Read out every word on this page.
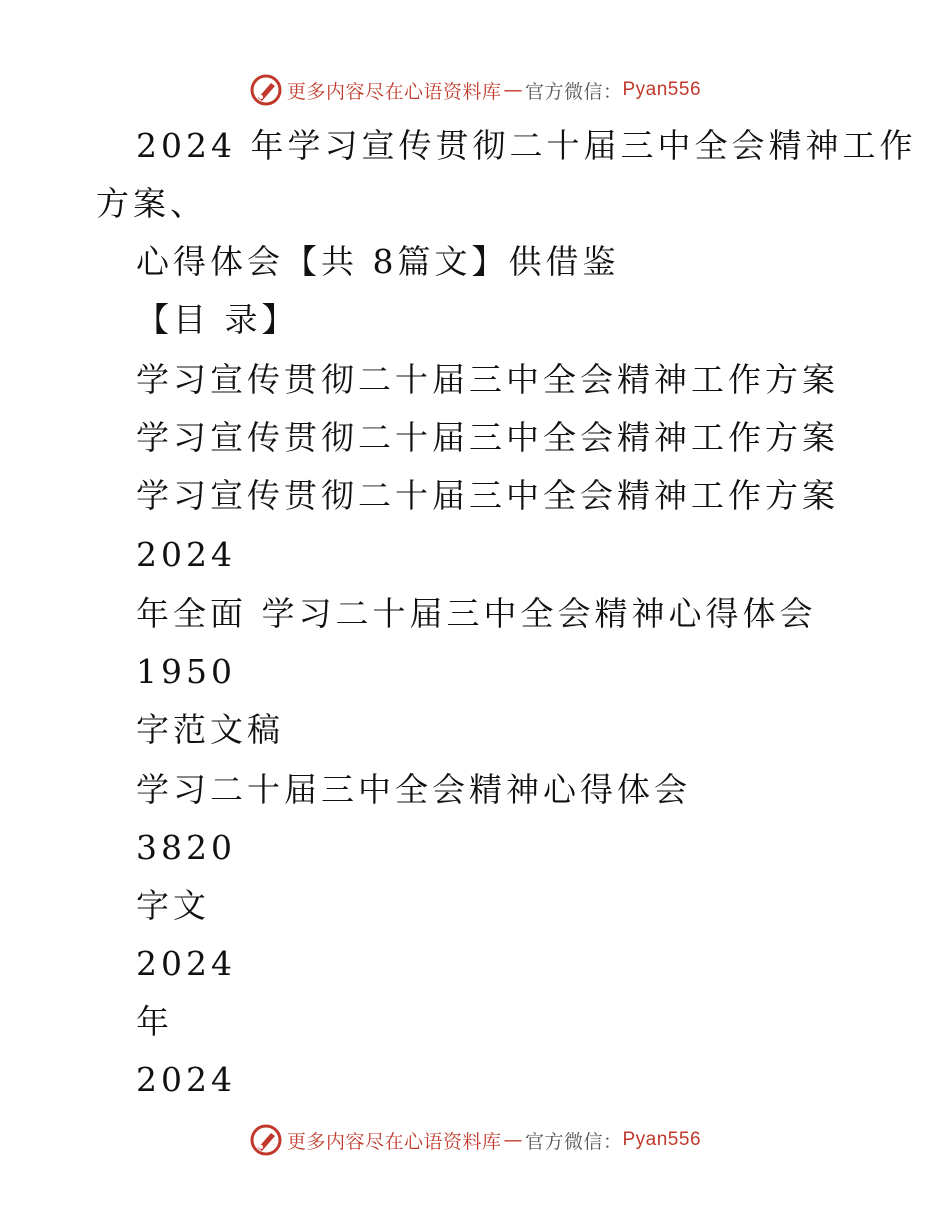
更多内容尽在心语资料库 — 官方微信： Pyan556
2024 年学习宣传贯彻二十届三中全会精神工作
方案、
心得体会【共 8篇文】供借鉴
【目 录】
学习宣传贯彻二十届三中全会精神工作方案
学习宣传贯彻二十届三中全会精神工作方案
学习宣传贯彻二十届三中全会精神工作方案
2024
年全面 学习二十届三中全会精神心得体会
1950
字范文稿
学习二十届三中全会精神心得体会
3820
字文
2024
年
2024
更多内容尽在心语资料库 — 官方微信： Pyan556
